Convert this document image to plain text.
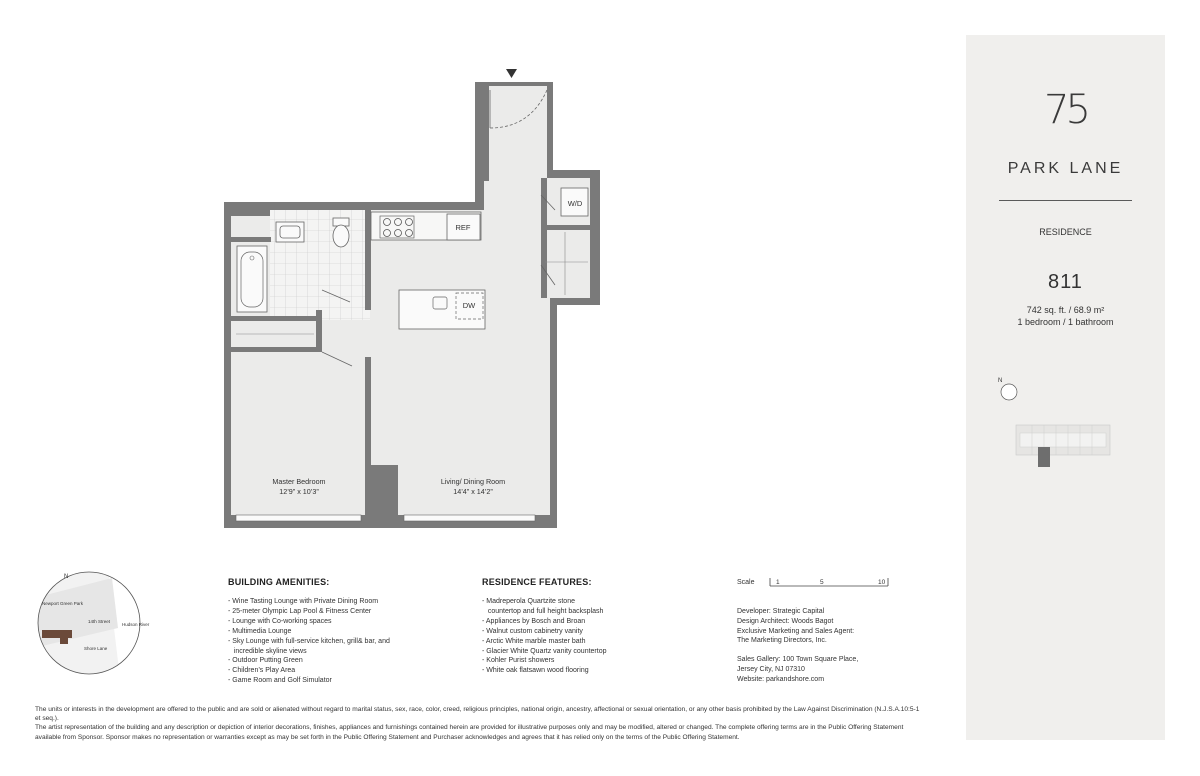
W/D
REF
DW
Master Bedroom
12’9” x 10’3”
Living/ Dining Room
14’4” x 14’2”
N
Newport Green Park
14th Street
Hudson River
Shore Lane
BUILDING AMENITIES:
- Wine Tasting Lounge with Private Dining Room
- 25-meter Olympic Lap Pool & Fitness Center
- Lounge with Co-working spaces
- Multimedia Lounge
- Sky Lounge with full-service kitchen, grill& bar, and
incredible skyline views
- Outdoor Putting Green
- Children’s Play Area
- Game Room and Golf Simulator
RESIDENCE FEATURES:
- Madreperola Quartzite stone
countertop and full height backsplash
- Appliances by Bosch and Broan
- Walnut custom cabinetry vanity
- Arctic White marble master bath
- Glacier White Quartz vanity countertop
- Kohler Purist showers
- White oak flatsawn wood flooring
Scale	1	5	10
Developer: Strategic Capital
Design Architect: Woods Bagot
Exclusive Marketing and Sales Agent:
The Marketing Directors, Inc.
Sales Gallery: 100 Town Square Place,
Jersey City, NJ 07310
Website: parkandshore.com
75
PARK LANE
RESIDENCE
811
742 sq. ft. / 68.9 m²
1 bedroom / 1 bathroom
N

The units or interests in the development are offered to the public and are sold or alienated without regard to marital status, sex, race, color, creed, religious principles, national origin, ancestry, affectional or sexual orientation, or any other basis prohibited by the Law Against Discrimination (N.J.S.A.10:5-1 et seq.).

The artist representation of the building and any description or depiction of interior decorations, finishes, appliances and furnishings contained herein are provided for illustrative purposes only and may be modified, altered or changed. The complete offering terms are in the Public Offering Statement available from Sponsor. Sponsor makes no representation or warranties except as may be set forth in the Public Offering Statement and Purchaser acknowledges and agrees that it has relied only on the terms of the Public Offering Statement.
